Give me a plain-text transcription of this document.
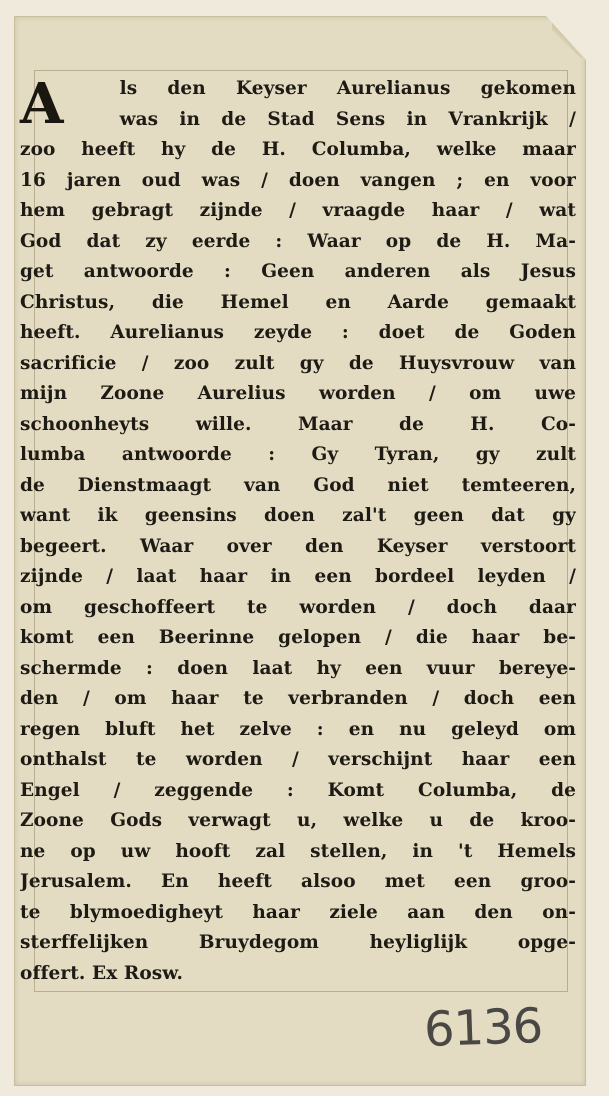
A	ls den Keyser Aurelianus gekomen
was in de Stad Sens in Vrankrijk /
zoo heeft hy de H. Columba, welke maar
16 jaren oud was / doen vangen ; en voor
hem gebragt zijnde / vraagde haar / wat
God dat zy eerde : Waar op de H. Ma-
get antwoorde : Geen anderen als Jesus
Christus, die Hemel en Aarde gemaakt
heeft. Aurelianus zeyde : doet de Goden
sacrificie / zoo zult gy de Huysvrouw van
mijn Zoone Aurelius worden / om uwe
schoonheyts wille. Maar de H. Co-
lumba antwoorde : Gy Tyran, gy zult
de Dienstmaagt van God niet temteeren,
want ik geensins doen zal't geen dat gy
begeert. Waar over den Keyser verstoort
zijnde / laat haar in een bordeel leyden /
om geschoffeert te worden / doch daar
komt een Beerinne gelopen / die haar be-
schermde : doen laat hy een vuur bereye-
den / om haar te verbranden / doch een
regen bluft het zelve : en nu geleyd om
onthalst te worden / verschijnt haar een
Engel / zeggende : Komt Columba, de
Zoone Gods verwagt u, welke u de kroo-
ne op uw hooft zal stellen, in 't Hemels
Jerusalem. En heeft alsoo met een groo-
te blymoedigheyt haar ziele aan den on-
sterffelijken Bruydegom heyliglijk opge-
offert. Ex Rosw.
6136
